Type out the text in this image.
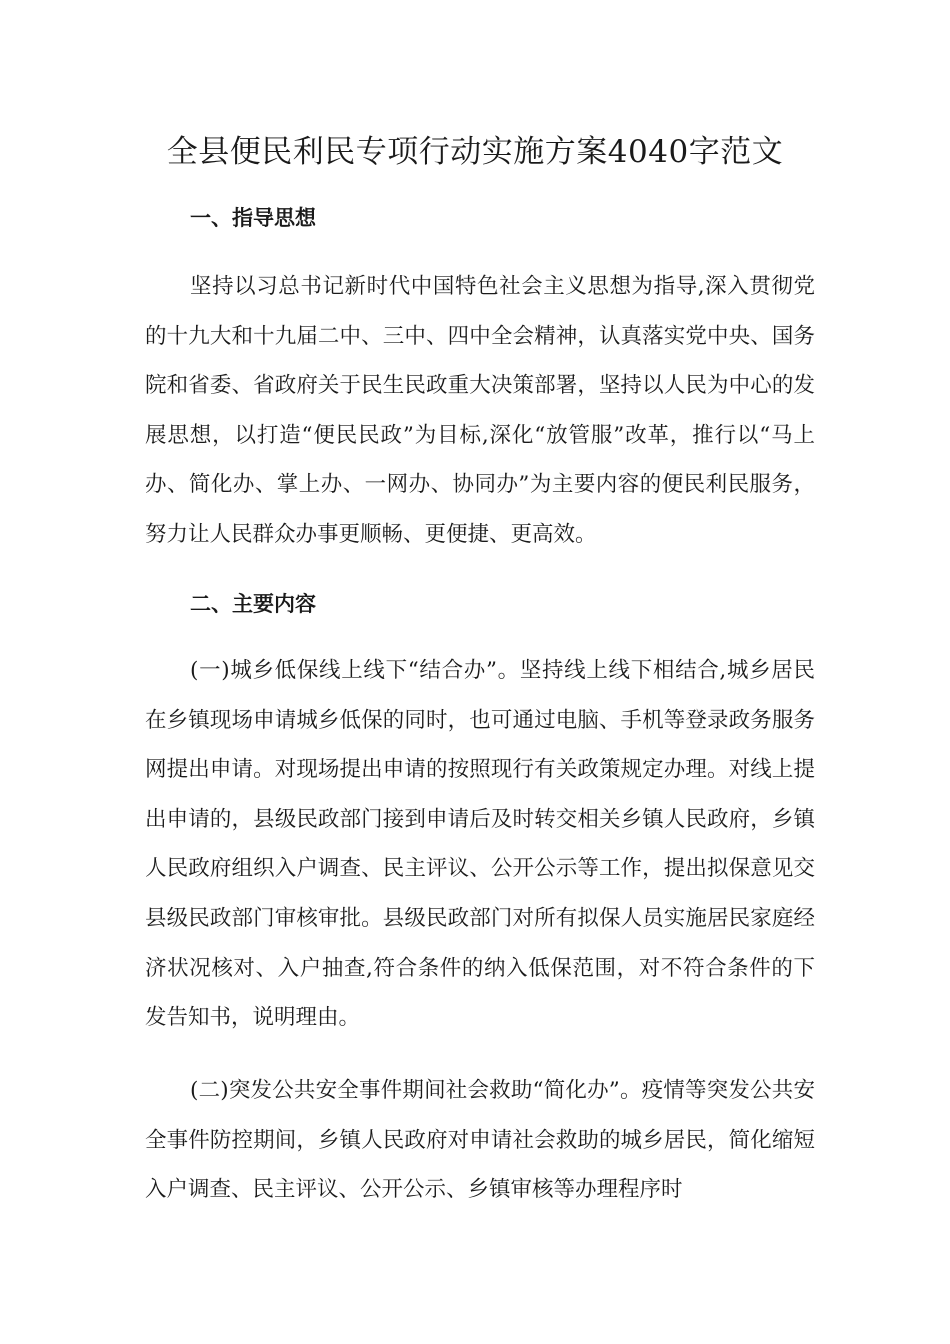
全县便民利民专项行动实施方案4040字范文
一、指导思想

坚持以习总书记新时代中国特色社会主义思想为指导,深入贯彻党的十九大和十九届二中、三中、四中全会精神，认真落实党中央、国务院和省委、省政府关于民生民政重大决策部署，坚持以人民为中心的发展思想，以打造“便民民政”为目标,深化“放管服”改革，推行以“马上办、简化办、掌上办、一网办、协同办”为主要内容的便民利民服务，努力让人民群众办事更顺畅、更便捷、更高效。

二、主要内容

(一)城乡低保线上线下“结合办”。坚持线上线下相结合,城乡居民在乡镇现场申请城乡低保的同时，也可通过电脑、手机等登录政务服务网提出申请。对现场提出申请的按照现行有关政策规定办理。对线上提出申请的，县级民政部门接到申请后及时转交相关乡镇人民政府，乡镇人民政府组织入户调查、民主评议、公开公示等工作，提出拟保意见交县级民政部门审核审批。县级民政部门对所有拟保人员实施居民家庭经济状况核对、入户抽查,符合条件的纳入低保范围，对不符合条件的下发告知书，说明理由。

(二)突发公共安全事件期间社会救助“简化办”。疫情等突发公共安全事件防控期间，乡镇人民政府对申请社会救助的城乡居民，简化缩短入户调查、民主评议、公开公示、乡镇审核等办理程序时
